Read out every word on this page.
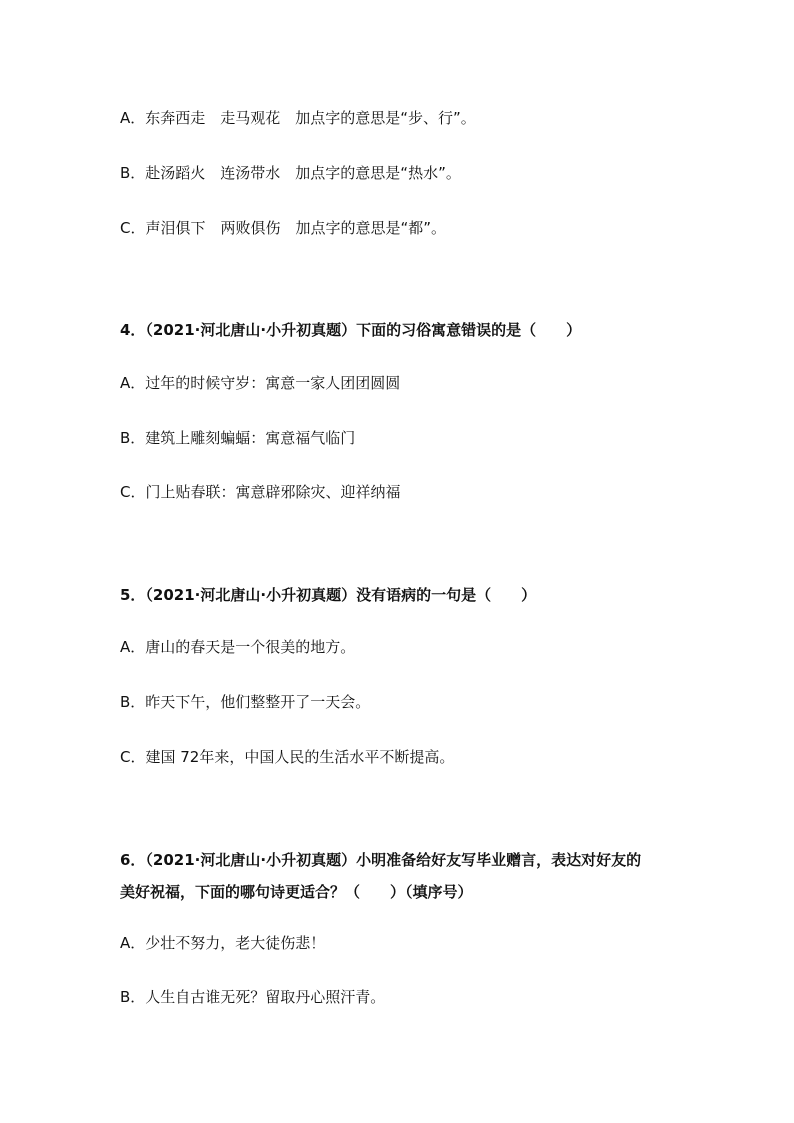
A．东奔西走　走马观花　加点字的意思是“步、行”。
B．赴汤蹈火　连汤带水　加点字的意思是“热水”。
C．声泪俱下　两败俱伤　加点字的意思是“都”。
4．（2021·河北唐山·小升初真题）下面的习俗寓意错误的是（　　）
A．过年的时候守岁：寓意一家人团团圆圆
B．建筑上雕刻蝙蝠：寓意福气临门
C．门上贴春联：寓意辟邪除灾、迎祥纳福
5．（2021·河北唐山·小升初真题）没有语病的一句是（　　）
A．唐山的春天是一个很美的地方。
B．昨天下午，他们整整开了一天会。
C．建国 72年来，中国人民的生活水平不断提高。
6．（2021·河北唐山·小升初真题）小明准备给好友写毕业赠言，表达对好友的
美好祝福，下面的哪句诗更适合？（　　）（填序号）
A．少壮不努力，老大徒伤悲！
B．人生自古谁无死？留取丹心照汗青。
